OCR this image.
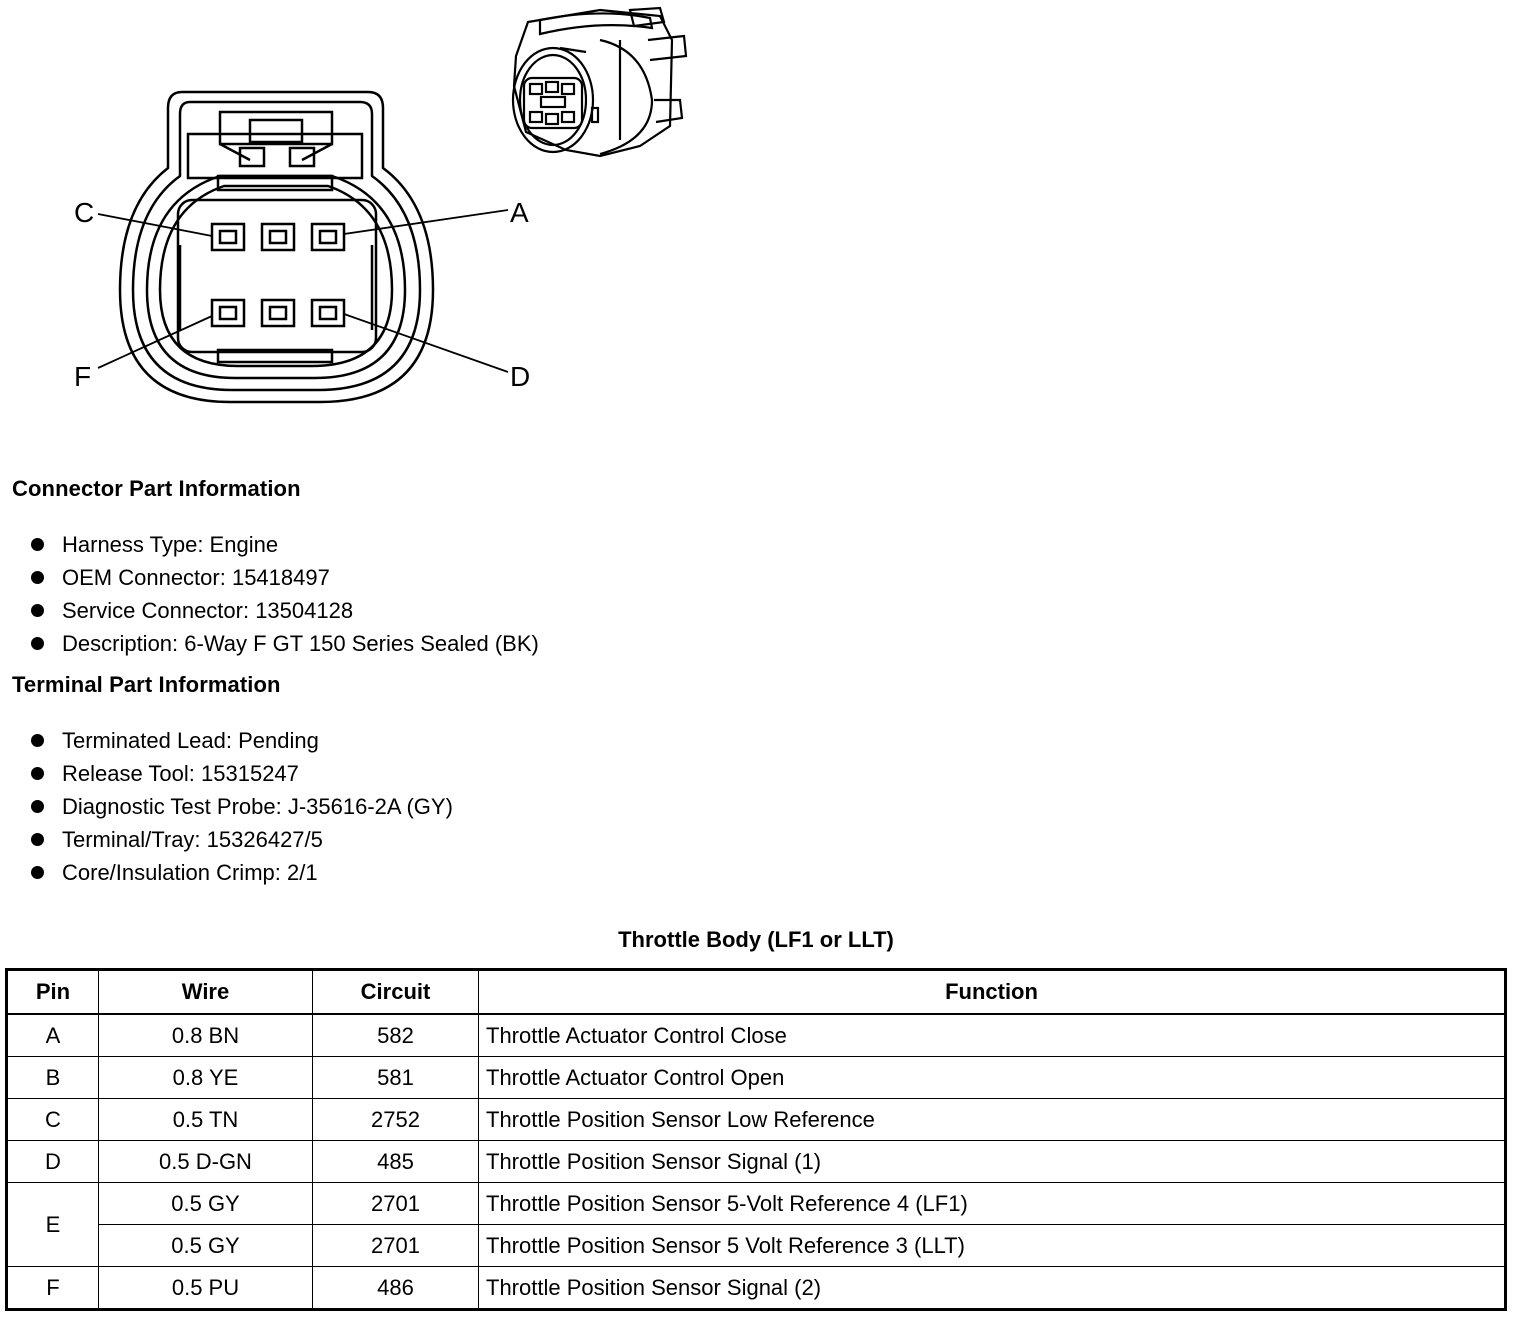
C	A
F	D
Connector Part Information
Harness Type: Engine
OEM Connector: 15418497
Service Connector: 13504128
Description: 6-Way F GT 150 Series Sealed (BK)
Terminal Part Information
Terminated Lead: Pending
Release Tool: 15315247
Diagnostic Test Probe: J-35616-2A (GY)
Terminal/Tray: 15326427/5
Core/Insulation Crimp: 2/1
Throttle Body (LF1 or LLT)
Pin	Wire	Circuit	Function
A	0.8 BN	582	Throttle Actuator Control Close
B	0.8 YE	581	Throttle Actuator Control Open
C	0.5 TN	2752	Throttle Position Sensor Low Reference
D	0.5 D-GN	485	Throttle Position Sensor Signal (1)
E	0.5 GY	2701	Throttle Position Sensor 5-Volt Reference 4 (LF1)
	0.5 GY	2701	Throttle Position Sensor 5 Volt Reference 3 (LLT)
F	0.5 PU	486	Throttle Position Sensor Signal (2)
